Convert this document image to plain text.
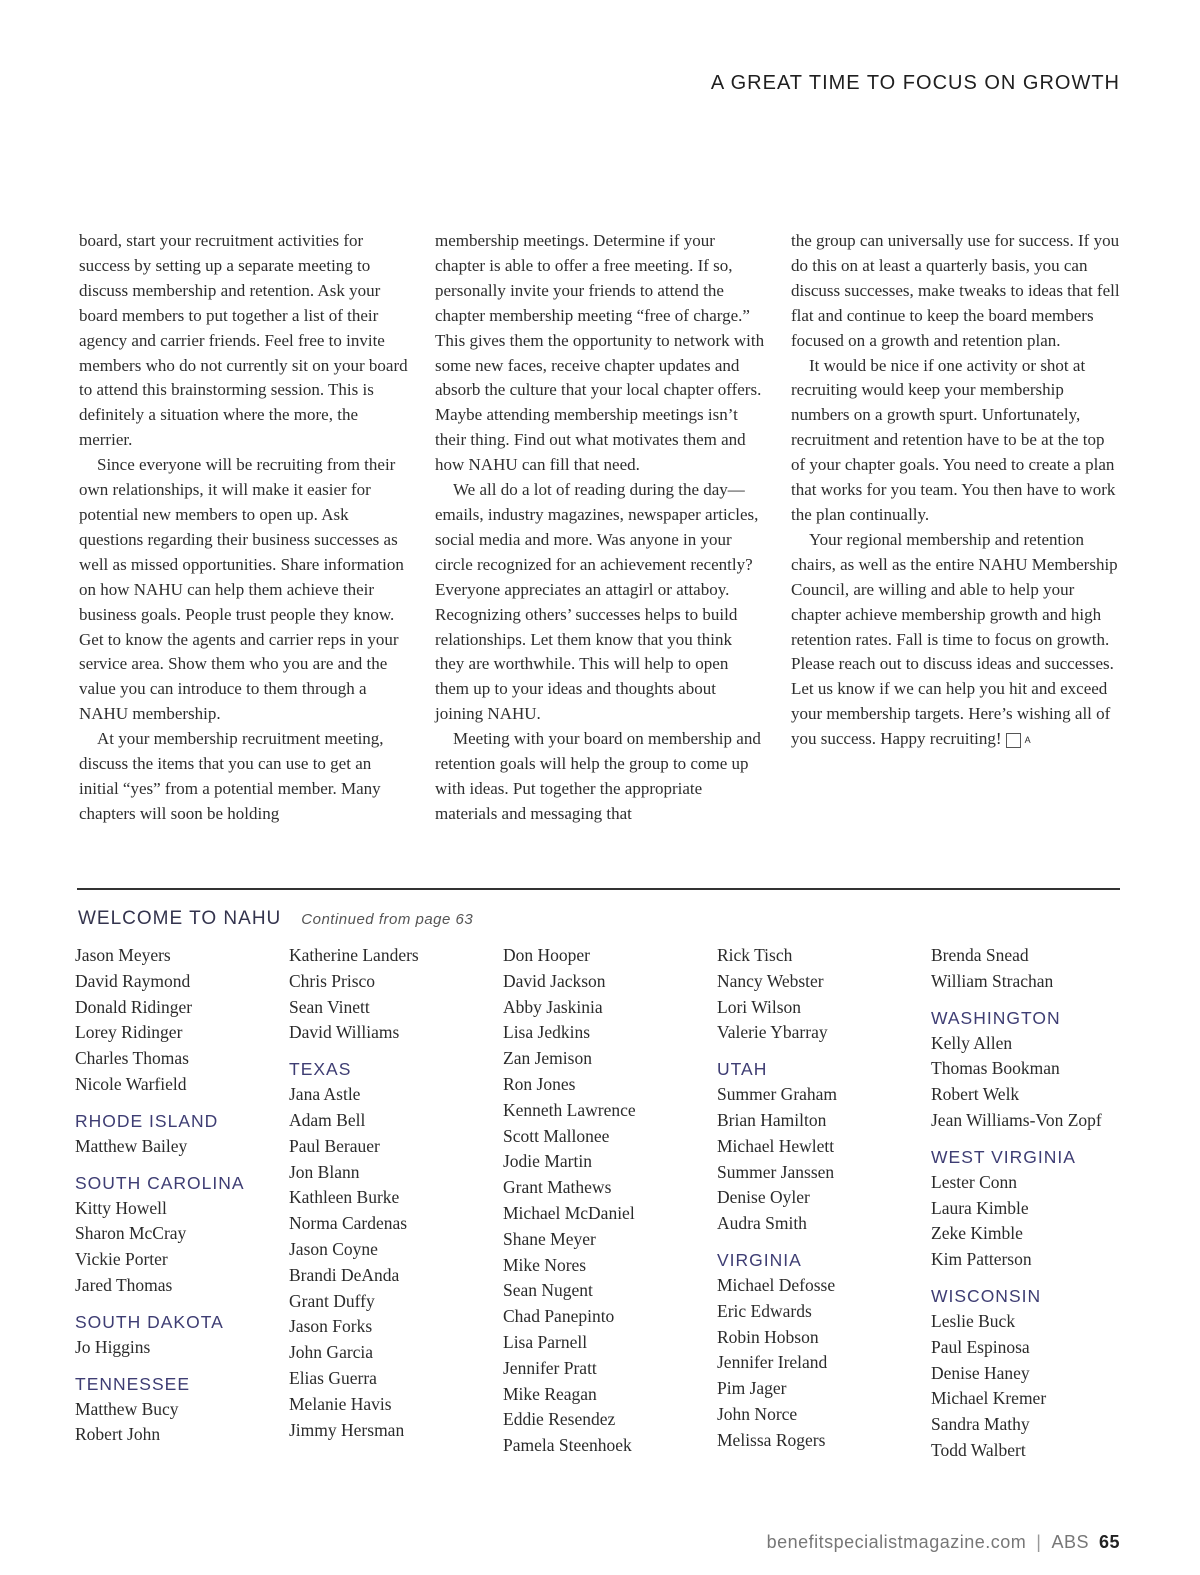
A GREAT TIME TO FOCUS ON GROWTH

board, start your recruitment activities for success by setting up a separate meeting to discuss membership and retention. Ask your board members to put together a list of their agency and carrier friends. Feel free to invite members who do not currently sit on your board to attend this brainstorming session. This is definitely a situation where the more, the merrier.

Since everyone will be recruiting from their own relationships, it will make it easier for potential new members to open up. Ask questions regarding their business successes as well as missed opportunities. Share information on how NAHU can help them achieve their business goals. People trust people they know. Get to know the agents and carrier reps in your service area. Show them who you are and the value you can introduce to them through a NAHU membership.

At your membership recruitment meeting, discuss the items that you can use to get an initial “yes” from a potential member. Many chapters will soon be holding

membership meetings. Determine if your chapter is able to offer a free meeting. If so, personally invite your friends to attend the chapter membership meeting “free of charge.” This gives them the opportunity to network with some new faces, receive chapter updates and absorb the culture that your local chapter offers. Maybe attending membership meetings isn’t their thing. Find out what motivates them and how NAHU can fill that need.

We all do a lot of reading during the day—emails, industry magazines, newspaper articles, social media and more. Was anyone in your circle recognized for an achievement recently? Everyone appreciates an attagirl or attaboy. Recognizing others’ successes helps to build relationships. Let them know that you think they are worthwhile. This will help to open them up to your ideas and thoughts about joining NAHU.

Meeting with your board on membership and retention goals will help the group to come up with ideas. Put together the appropriate materials and messaging that

the group can universally use for success. If you do this on at least a quarterly basis, you can discuss successes, make tweaks to ideas that fell flat and continue to keep the board members focused on a growth and retention plan.

It would be nice if one activity or shot at recruiting would keep your membership numbers on a growth spurt. Unfortunately, recruitment and retention have to be at the top of your chapter goals. You need to create a plan that works for you team. You then have to work the plan continually.

Your regional membership and retention chairs, as well as the entire NAHU Membership Council, are willing and able to help your chapter achieve membership growth and high retention rates. Fall is time to focus on growth. Please reach out to discuss ideas and successes. Let us know if we can help you hit and exceed your membership targets. Here’s wishing all of you success. Happy recruiting!	A

WELCOME TO NAHU Continued from page 63
Jason Meyers
David Raymond
Donald Ridinger
Lorey Ridinger
Charles Thomas
Nicole Warfield
RHODE ISLAND
Matthew Bailey
SOUTH CAROLINA
Kitty Howell
Sharon McCray
Vickie Porter
Jared Thomas
SOUTH DAKOTA
Jo Higgins
TENNESSEE
Matthew Bucy
Robert John
Katherine Landers
Chris Prisco
Sean Vinett
David Williams
TEXAS
Jana Astle
Adam Bell
Paul Berauer
Jon Blann
Kathleen Burke
Norma Cardenas
Jason Coyne
Brandi DeAnda
Grant Duffy
Jason Forks
John Garcia
Elias Guerra
Melanie Havis
Jimmy Hersman
Don Hooper
David Jackson
Abby Jaskinia
Lisa Jedkins
Zan Jemison
Ron Jones
Kenneth Lawrence
Scott Mallonee
Jodie Martin
Grant Mathews
Michael McDaniel
Shane Meyer
Mike Nores
Sean Nugent
Chad Panepinto
Lisa Parnell
Jennifer Pratt
Mike Reagan
Eddie Resendez
Pamela Steenhoek
Rick Tisch
Nancy Webster
Lori Wilson
Valerie Ybarray
UTAH
Summer Graham
Brian Hamilton
Michael Hewlett
Summer Janssen
Denise Oyler
Audra Smith
VIRGINIA
Michael Defosse
Eric Edwards
Robin Hobson
Jennifer Ireland
Pim Jager
John Norce
Melissa Rogers
Brenda Snead
William Strachan
WASHINGTON
Kelly Allen
Thomas Bookman
Robert Welk
Jean Williams-Von Zopf
WEST VIRGINIA
Lester Conn
Laura Kimble
Zeke Kimble
Kim Patterson
WISCONSIN
Leslie Buck
Paul Espinosa
Denise Haney
Michael Kremer
Sandra Mathy
Todd Walbert
benefitspecialistmagazine.com | ABS 65
